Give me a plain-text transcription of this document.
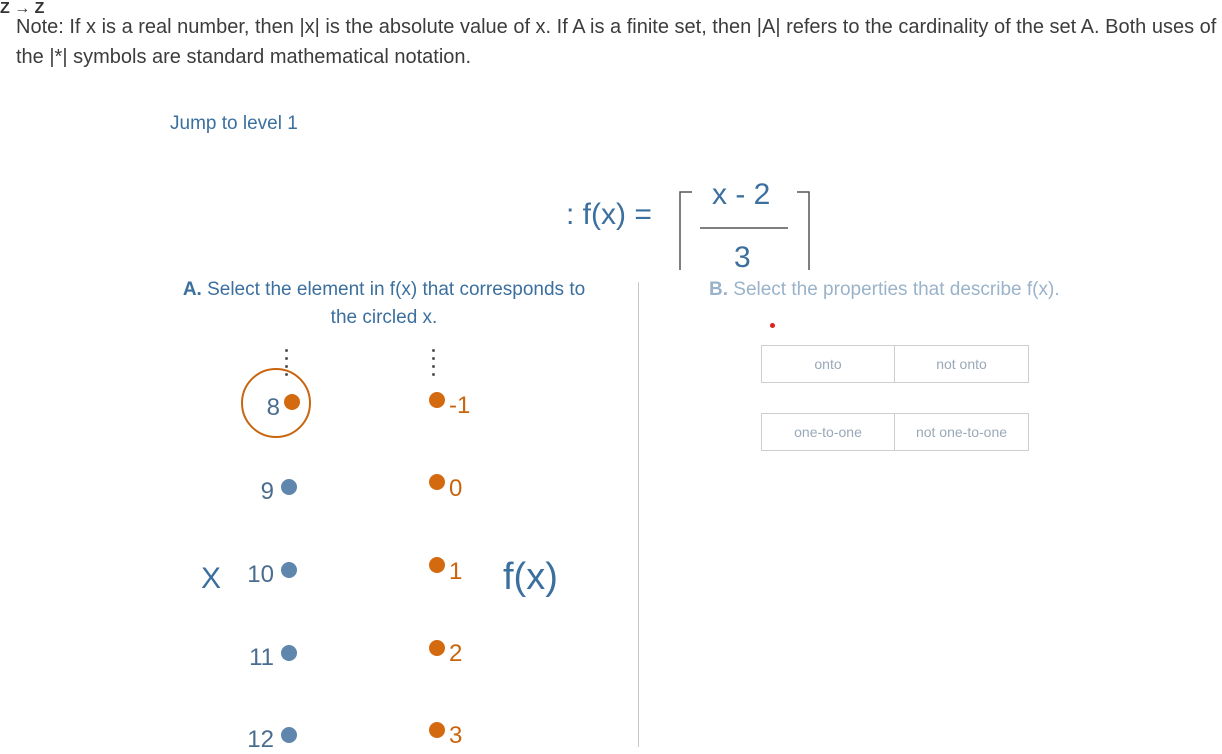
Note: If x is a real number, then |x| is the absolute value of x. If A is a finite set, then |A| refers to the cardinality of the set A. Both uses of the |*| symbols are standard mathematical notation.
Jump to level 1
Z → Z
: f(x) =
x - 2
3
A. Select the element in f(x) that corresponds to the circled x.
B. Select the properties that describe f(x).
onto	not onto
one-to-one	not one-to-one
8
9
X	10
11
12
-1
0
1 f(x)
2
3
